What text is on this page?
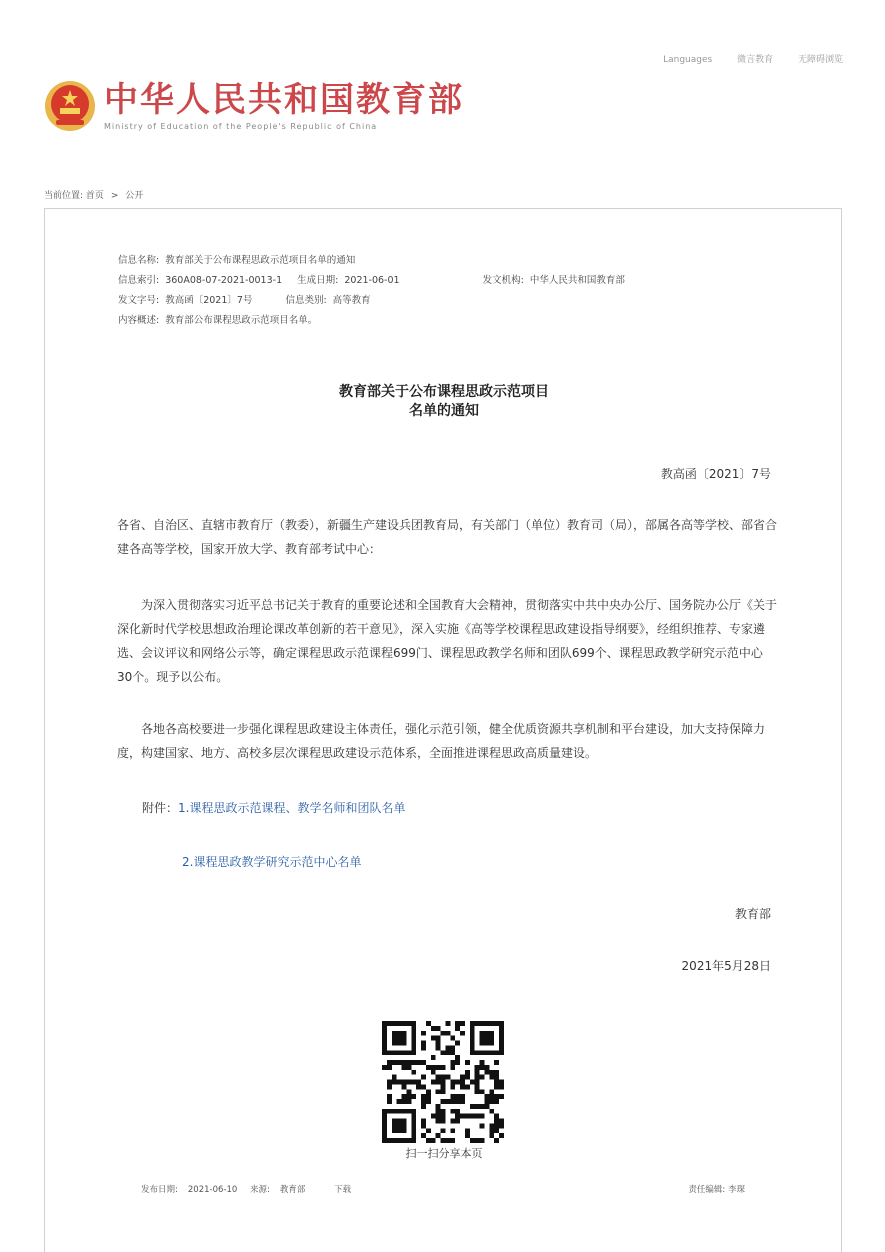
Languages	微言教育	无障碍浏览
中华人民共和国教育部
Ministry of Education of the People's Republic of China
当前位置: 首页 > 公开
信息名称: 教育部关于公布课程思政示范项目名单的通知
信息索引: 360A08-07-2021-0013-1 生成日期: 2021-06-01	发文机构: 中华人民共和国教育部
发文字号: 教高函〔2021〕7号	信息类别: 高等教育
内容概述: 教育部公布课程思政示范项目名单。
教育部关于公布课程思政示范项目
名单的通知
教高函〔2021〕7号
各省、自治区、直辖市教育厅（教委），新疆生产建设兵团教育局，有关部门（单位）教育司（局），部属各高等学校、部省合建各高等学校，国家开放大学、教育部考试中心：
为深入贯彻落实习近平总书记关于教育的重要论述和全国教育大会精神，贯彻落实中共中央办公厅、国务院办公厅《关于深化新时代学校思想政治理论课改革创新的若干意见》，深入实施《高等学校课程思政建设指导纲要》，经组织推荐、专家遴选、会议评议和网络公示等，确定课程思政示范课程699门、课程思政教学名师和团队699个、课程思政教学研究示范中心30个。现予以公布。
各地各高校要进一步强化课程思政建设主体责任，强化示范引领，健全优质资源共享机制和平台建设，加大支持保障力度，构建国家、地方、高校多层次课程思政建设示范体系，全面推进课程思政高质量建设。
附件：1.课程思政示范课程、教学名师和团队名单
2.课程思政教学研究示范中心名单
教育部
2021年5月28日
扫一扫分享本页
发布日期: 2021-06-10 来源: 教育部	下载	责任编辑: 李琛
